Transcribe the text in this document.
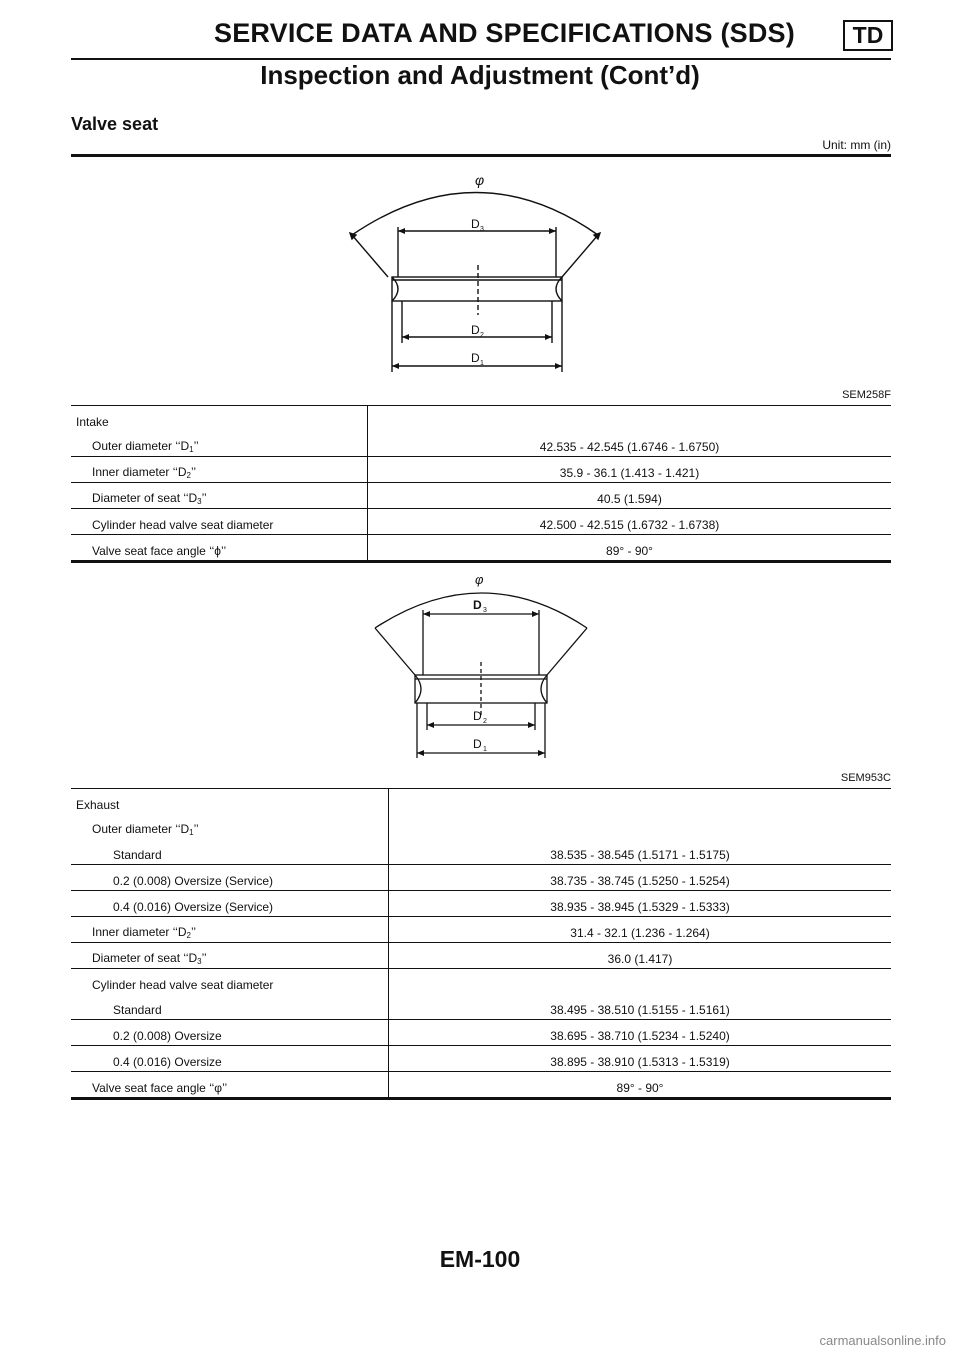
SERVICE DATA AND SPECIFICATIONS (SDS)	TD
Inspection and Adjustment (Cont’d)
Valve seat
Unit: mm (in)
φ
D 3
D 2
D 1
SEM258F
Intake	
Outer diameter ‘‘$D_1$’’	42.535 - 42.545 (1.6746 - 1.6750)
Inner diameter ‘‘$D_2$’’	35.9 - 36.1 (1.413 - 1.421)
Diameter of seat ‘‘$D_3$’’	40.5 (1.594)
Cylinder head valve seat diameter	42.500 - 42.515 (1.6732 - 1.6738)
Valve seat face angle ‘‘ϕ’’	89° - 90°
φ
D 3
D 2
D 1
SEM953C
Exhaust	
Outer diameter ‘‘$D_1$’’	
Standard	38.535 - 38.545 (1.5171 - 1.5175)
0.2 (0.008) Oversize (Service)	38.735 - 38.745 (1.5250 - 1.5254)
0.4 (0.016) Oversize (Service)	38.935 - 38.945 (1.5329 - 1.5333)
Inner diameter ‘‘$D_2$’’	31.4 - 32.1 (1.236 - 1.264)
Diameter of seat ‘‘$D_3$’’	36.0 (1.417)
Cylinder head valve seat diameter	
Standard	38.495 - 38.510 (1.5155 - 1.5161)
0.2 (0.008) Oversize	38.695 - 38.710 (1.5234 - 1.5240)
0.4 (0.016) Oversize	38.895 - 38.910 (1.5313 - 1.5319)
Valve seat face angle ‘‘φ’’	89° - 90°
EM-100
carmanualsonline.info
